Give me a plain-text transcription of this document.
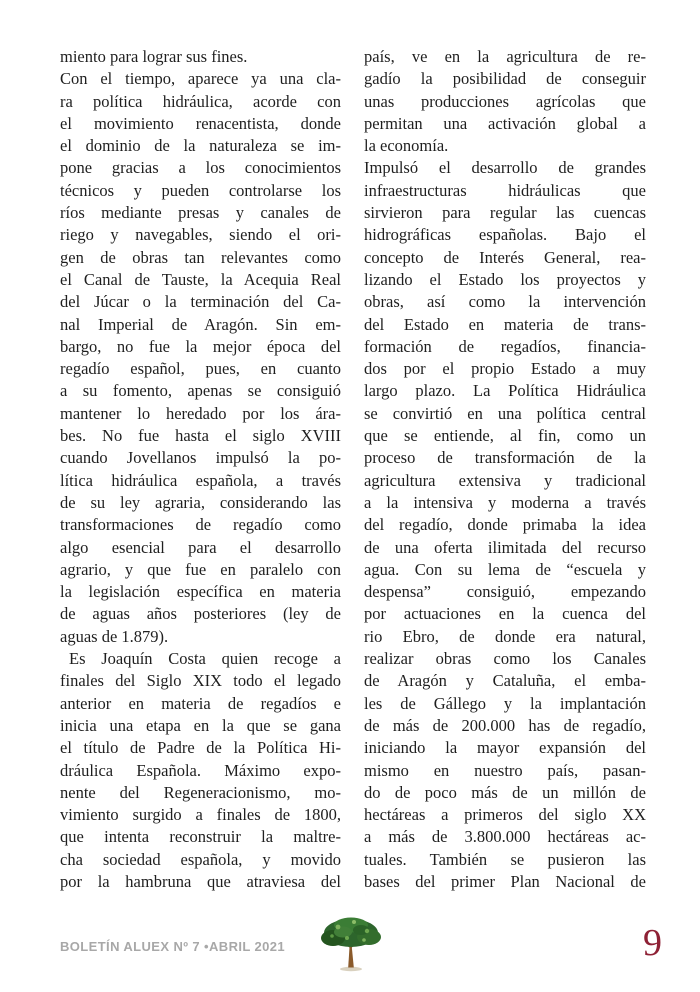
miento para lograr sus fines.
Con el tiempo, aparece ya una cla-
ra política hidráulica, acorde con
el movimiento renacentista, donde
el dominio de la naturaleza se im-
pone gracias a los conocimientos
técnicos y pueden controlarse los
ríos mediante presas y canales de
riego y navegables, siendo el ori-
gen de obras tan relevantes como
el Canal de Tauste, la Acequia Real
del Júcar o la terminación del Ca-
nal Imperial de Aragón. Sin em-
bargo, no fue la mejor época del
regadío español, pues, en cuanto
a su fomento, apenas se consiguió
mantener lo heredado por los ára-
bes. No fue hasta el siglo XVIII
cuando Jovellanos impulsó la po-
lítica hidráulica española, a través
de su ley agraria, considerando las
transformaciones de regadío como
algo esencial para el desarrollo
agrario, y que fue en paralelo con
la legislación específica en materia
de aguas años posteriores (ley de
aguas de 1.879).
Es Joaquín Costa quien recoge a
finales del Siglo XIX todo el legado
anterior en materia de regadíos e
inicia una etapa en la que se gana
el título de Padre de la Política Hi-
dráulica Española. Máximo expo-
nente del Regeneracionismo, mo-
vimiento surgido a finales de 1800,
que intenta reconstruir la maltre-
cha sociedad española, y movido
por la hambruna que atraviesa del
país, ve en la agricultura de re-
gadío la posibilidad de conseguir
unas producciones agrícolas que
permitan una activación global a
la economía.
Impulsó el desarrollo de grandes
infraestructuras hidráulicas que
sirvieron para regular las cuencas
hidrográficas españolas. Bajo el
concepto de Interés General, rea-
lizando el Estado los proyectos y
obras, así como la intervención
del Estado en materia de trans-
formación de regadíos, financia-
dos por el propio Estado a muy
largo plazo. La Política Hidráulica
se convirtió en una política central
que se entiende, al fin, como un
proceso de transformación de la
agricultura extensiva y tradicional
a la intensiva y moderna a través
del regadío, donde primaba la idea
de una oferta ilimitada del recurso
agua. Con su lema de “escuela y
despensa” consiguió, empezando
por actuaciones en la cuenca del
rio Ebro, de donde era natural,
realizar obras como los Canales
de Aragón y Cataluña, el emba-
les de Gállego y la implantación
de más de 200.000 has de regadío,
iniciando la mayor expansión del
mismo en nuestro país, pasan-
do de poco más de un millón de
hectáreas a primeros del siglo XX
a más de 3.800.000 hectáreas ac-
tuales. También se pusieron las
bases del primer Plan Nacional de
BOLETÍN ALUEX Nº 7 •ABRIL 2021	9
